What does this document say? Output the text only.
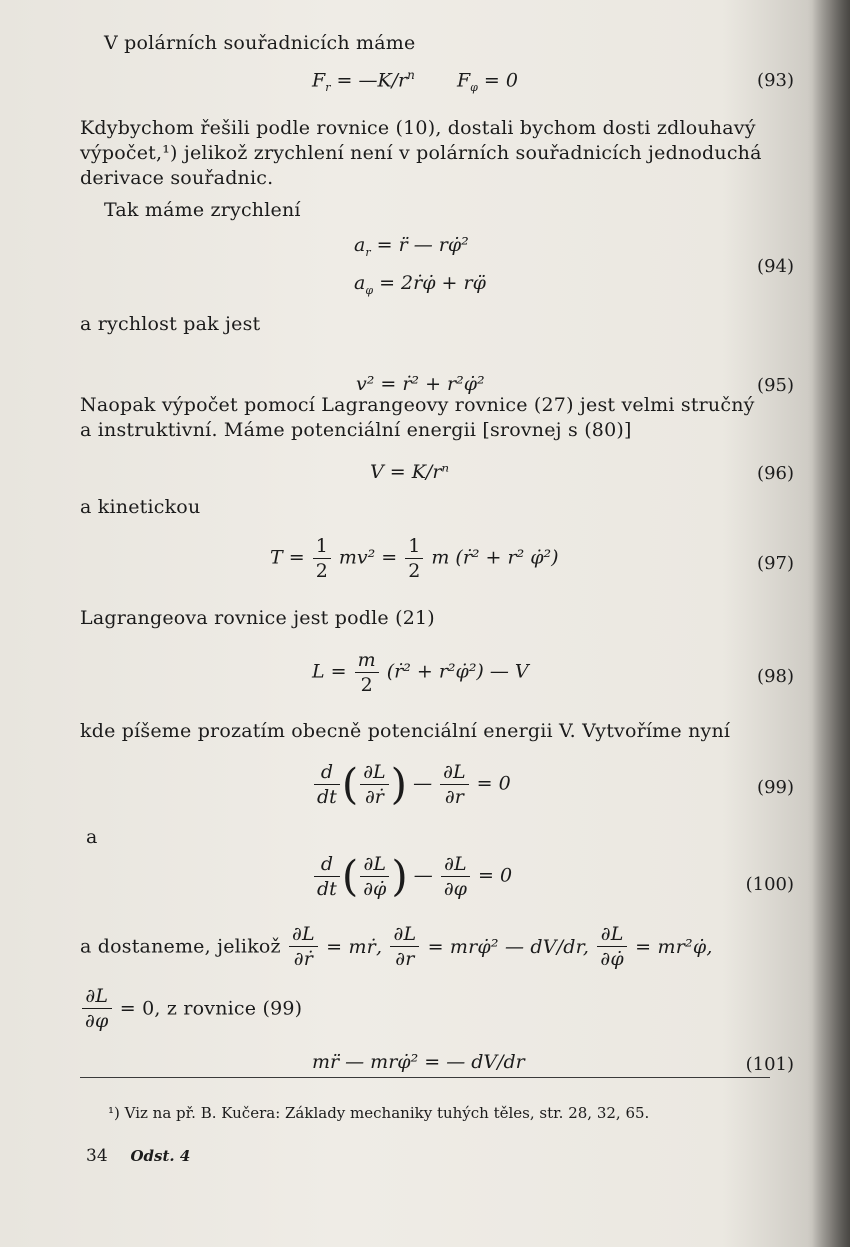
V polárních souřadnicích máme
$F_r$ = $—K/r^n$ $F_\varphi = 0$	(93)
Kdybychom řešili podle rovnice (10), dostali bychom dosti zdlouhavý
výpočet,¹) jelikož zrychlení není v polárních souřadnicích jednoduchá
derivace souřadnic.
Tak máme zrychlení
$a_r$ = r̈ — rφ̇²
$a_\varphi$ = 2ṙφ̇ + rφ̈
(94)
a rychlost pak jest
v² = ṙ² + r²φ̇²	(95)
Naopak výpočet pomocí Lagrangeovy rovnice (27) jest velmi stručný
a instruktivní. Máme potenciální energii [srovnej s (80)]
V = K/rⁿ	(96)
a kinetickou
$T = \frac{1}{2} mv^2 = \frac{1}{2}$ m (ṙ² + r² φ̇²)	(97)
Lagrangeova rovnice jest podle (21)
$L = \frac{m}{2}$ (ṙ² + r²φ̇²) — V	(98)
kde píšeme prozatím obecně potenciální energii V. Vytvoříme nyní
$\frac{d}{dt}$ ( $\frac{\partial L}{\text{∂ṙ}}$ ) — $\frac{\partial L}{\partial r} = 0$	(99)
a
$\frac{d}{dt}$ ( $\frac{\partial L}{\partial\varphi̇}$ ) — $\frac{\partial L}{\partial\varphi} = 0$	(100)
a dostaneme, jelikož $\frac{\partial L}{\text{∂ṙ}}$ = mṙ, $\frac{\partial L}{\partial r}$ = mrφ̇² — dV/dr, $\frac{\partial L}{\partial\varphi̇}$ = mr²φ̇,
$\frac{\partial L}{\partial\varphi} = 0$, z rovnice (99)
mr̈ — mrφ̇² = — dV/dr	(101)
¹) Viz na př. B. Kučera: Základy mechaniky tuhých těles, str. 28, 32, 65.
34 Odst. 4
